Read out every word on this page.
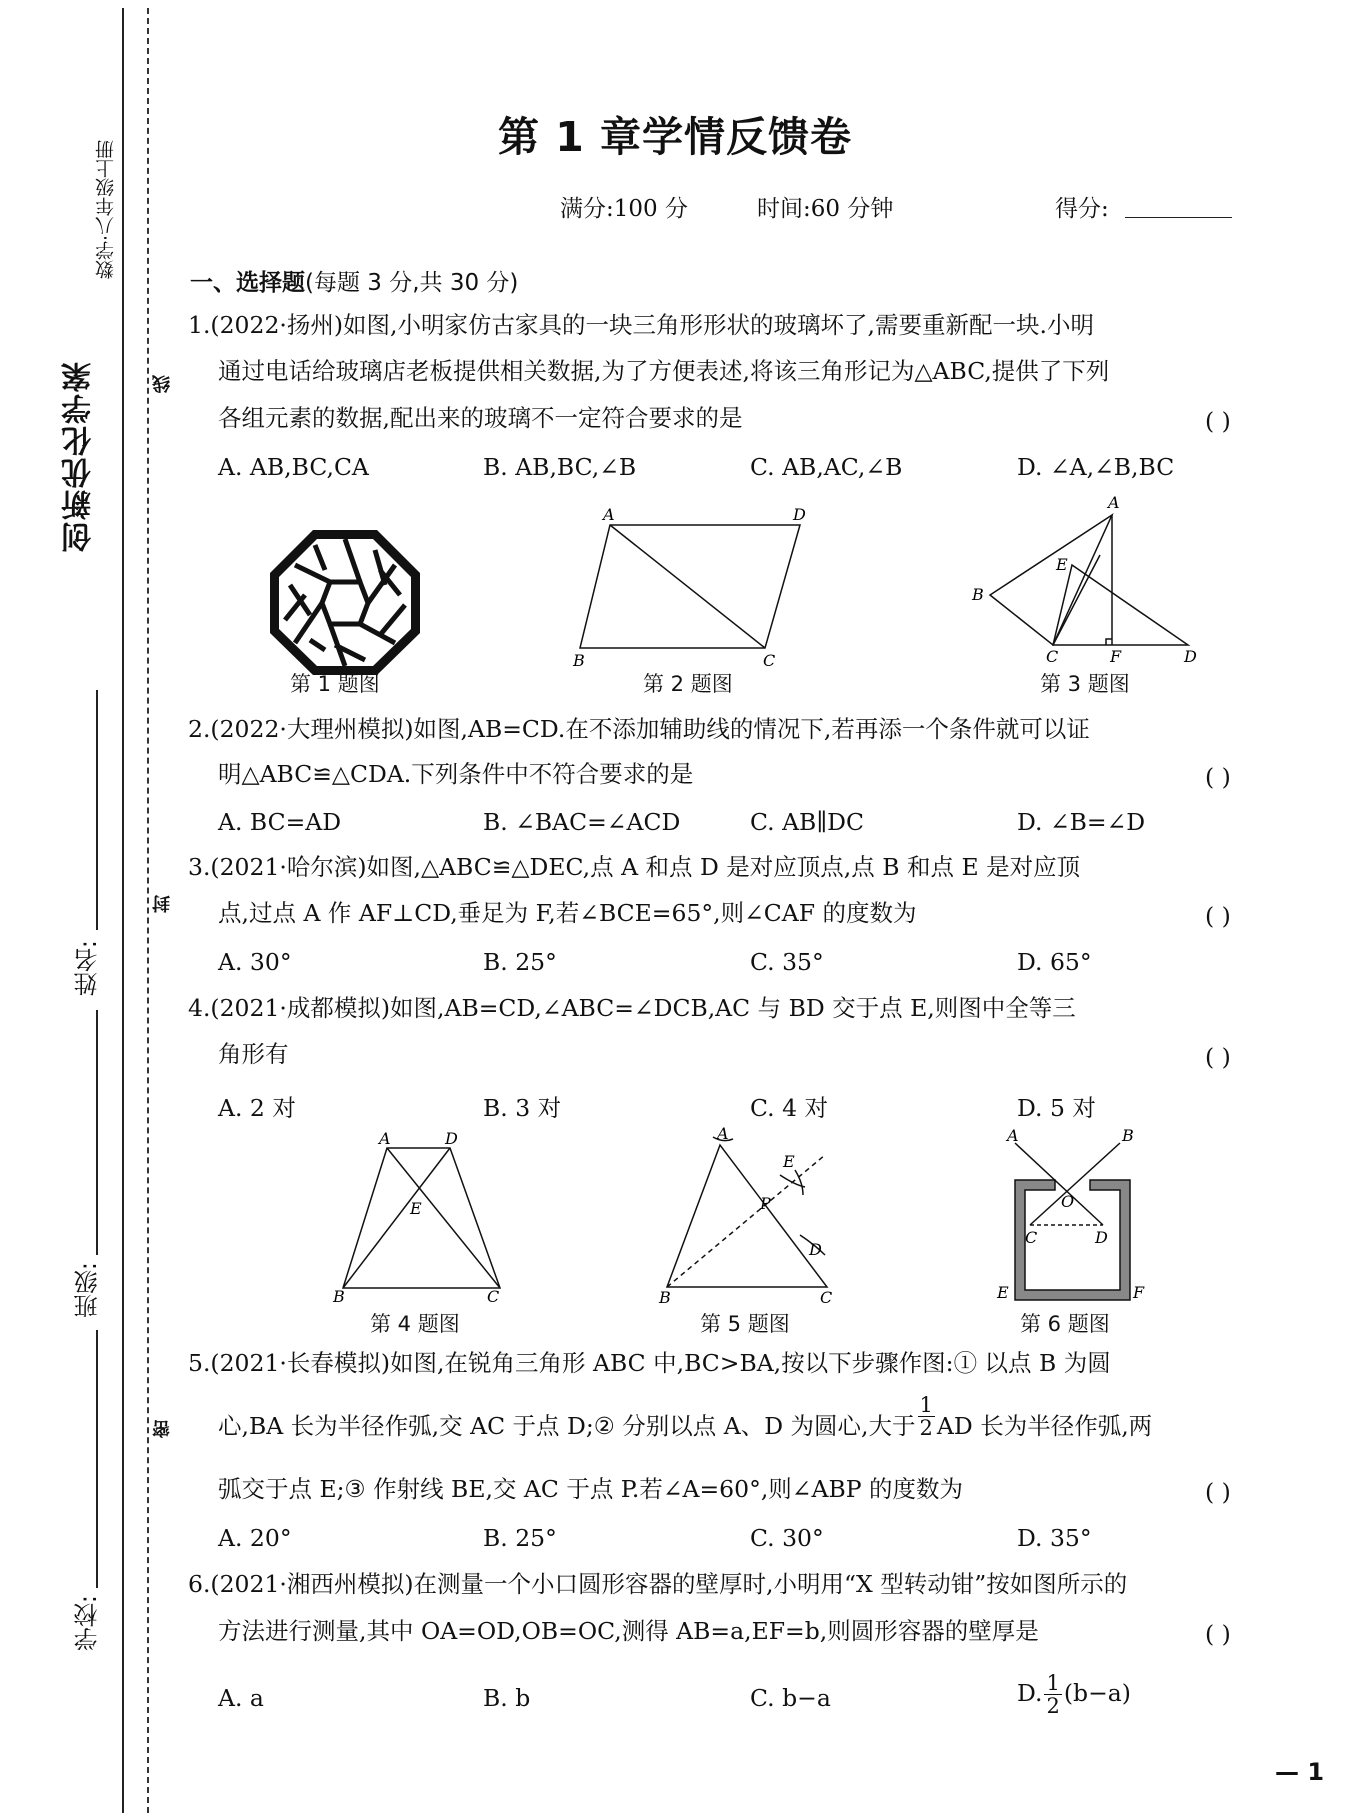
创新优化学案
数学·八年级上册
线
封
密
姓名:
班级:
学校:
第 1 章学情反馈卷
满分:100 分	时间:60 分钟	得分:
一、选择题(每题 3 分,共 30 分)
1.(2022·扬州)如图,小明家仿古家具的一块三角形形状的玻璃坏了,需要重新配一块.小明
通过电话给玻璃店老板提供相关数据,为了方便表述,将该三角形记为△ABC,提供了下列
各组元素的数据,配出来的玻璃不一定符合要求的是	( )
A. AB,BC,CA	B. AB,BC,∠B	C. AB,AC,∠B	D. ∠A,∠B,BC
第 1 题图
A	D
B	C
第 2 题图
A
E
B
C	F	D
第 3 题图
2.(2022·大理州模拟)如图,AB=CD.在不添加辅助线的情况下,若再添一个条件就可以证
明△ABC≌△CDA.下列条件中不符合要求的是	( )
A. BC=AD	B. ∠BAC=∠ACD	C. AB∥DC	D. ∠B=∠D
3.(2021·哈尔滨)如图,△ABC≌△DEC,点 A 和点 D 是对应顶点,点 B 和点 E 是对应顶
点,过点 A 作 AF⊥CD,垂足为 F,若∠BCE=65°,则∠CAF 的度数为	( )
A. 30°	B. 25°	C. 35°	D. 65°
4.(2021·成都模拟)如图,AB=CD,∠ABC=∠DCB,AC 与 BD 交于点 E,则图中全等三
角形有	( )
A. 2 对	B. 3 对	C. 4 对	D. 5 对
A	D
E
B	C
第 4 题图
A
E
P
D
B	C
第 5 题图
A	B
O
C	D
E	F
第 6 题图
5.(2021·长春模拟)如图,在锐角三角形 ABC 中,BC>BA,按以下步骤作图:① 以点 B 为圆
心,BA 长为半径作弧,交 AC 于点 D;② 分别以点 A、D 为圆心,大于 $\frac{1}{2}$ AD 长为半径作弧,两
弧交于点 E;③ 作射线 BE,交 AC 于点 P.若∠A=60°,则∠ABP 的度数为	( )
A. 20°	B. 25°	C. 30°	D. 35°
6.(2021·湘西州模拟)在测量一个小口圆形容器的壁厚时,小明用“X 型转动钳”按如图所示的
方法进行测量,其中 OA=OD,OB=OC,测得 AB=a,EF=b,则圆形容器的壁厚是	( )
A. a	B. b	C. b−a	D. $\frac{1}{2} (b-a)$
— 1
